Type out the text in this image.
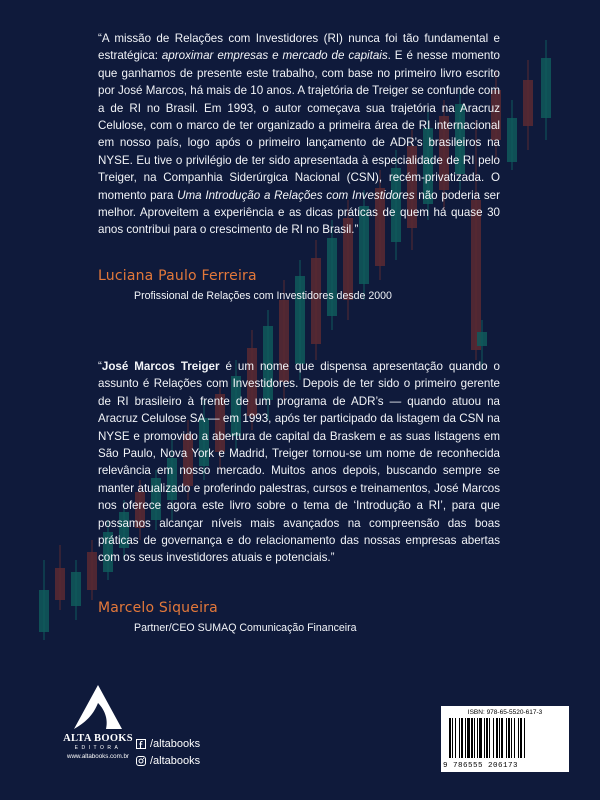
“A missão de Relações com Investidores (RI) nunca foi tão fundamental e estratégica: aproximar empresas e mercado de capitais. E é nesse momento que ganhamos de presente este trabalho, com base no primeiro livro escrito por José Marcos, há mais de 10 anos. A trajetória de Treiger se confunde com a de RI no Brasil. Em 1993, o autor começava sua trajetória na Aracruz Celulose, com o marco de ter organizado a primeira área de RI internacional em nosso país, logo após o primeiro lançamento de ADR’s brasileiros na NYSE. Eu tive o privilégio de ter sido apresentada à especialidade de RI pelo Treiger, na Companhia Siderúrgica Nacional (CSN), recém-privatizada. O momento para Uma Introdução a Relações com Investidores não poderia ser melhor. Aproveitem a experiência e as dicas práticas de quem há quase 30 anos contribui para o crescimento de RI no Brasil.”
Luciana Paulo Ferreira
Profissional de Relações com Investidores desde 2000
“José Marcos Treiger é um nome que dispensa apresentação quando o assunto é Relações com Investidores. Depois de ter sido o primeiro gerente de RI brasileiro à frente de um programa de ADR’s — quando atuou na Aracruz Celulose SA — em 1993, após ter participado da listagem da CSN na NYSE e promovido a abertura de capital da Braskem e as suas listagens em São Paulo, Nova York e Madrid, Treiger tornou-se um nome de reconhecida relevância em nosso mercado. Muitos anos depois, buscando sempre se manter atualizado e proferindo palestras, cursos e treinamentos, José Marcos nos oferece agora este livro sobre o tema de ‘Introdução a RI’, para que possamos alcançar níveis mais avançados na compreensão das boas práticas de governança e do relacionamento das nossas empresas abertas com os seus investidores atuais e potenciais.”
Marcelo Siqueira
Partner/CEO SUMAQ Comunicação Financeira
ALTA BOOKS
EDITORA
www.altabooks.com.br
/altabooks
/altabooks
ISBN: 978-65-5520-617-3
9 786555 206173
